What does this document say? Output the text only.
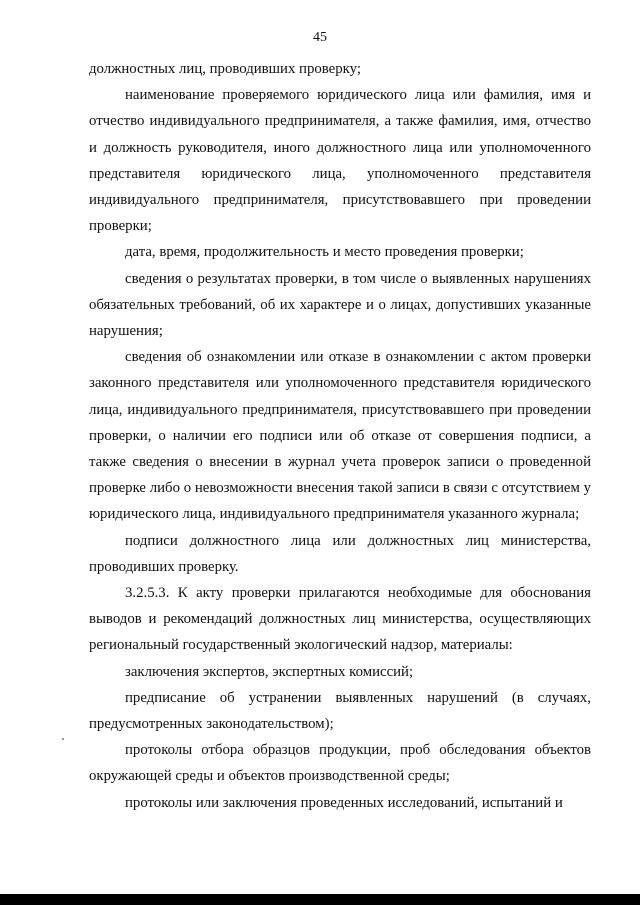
45

должностных лиц, проводивших проверку;

наименование проверяемого юридического лица или фамилия, имя и отчество индивидуального предпринимателя, а также фамилия, имя, отчество и должность руководителя, иного должностного лица или уполномоченного представителя юридического лица, уполномоченного представителя индивидуального предпринимателя, присутствовавшего при проведении проверки;

дата, время, продолжительность и место проведения проверки;

сведения о результатах проверки, в том числе о выявленных нарушениях обязательных требований, об их характере и о лицах, допустивших указанные нарушения;

сведения об ознакомлении или отказе в ознакомлении с актом проверки законного представителя или уполномоченного представителя юридического лица, индивидуального предпринимателя, присутствовавшего при проведении проверки, о наличии его подписи или об отказе от совершения подписи, а также сведения о внесении в журнал учета проверок записи о проведенной проверке либо о невозможности внесения такой записи в связи с отсутствием у юридического лица, индивидуального предпринимателя указанного журнала;

подписи должностного лица или должностных лиц министерства, проводивших проверку.

3.2.5.3. К акту проверки прилагаются необходимые для обоснования выводов и рекомендаций должностных лиц министерства, осуществляющих региональный государственный экологический надзор, материалы:

заключения экспертов, экспертных комиссий;

предписание об устранении выявленных нарушений (в случаях, предусмотренных законодательством);

протоколы отбора образцов продукции, проб обследования объектов окружающей среды и объектов производственной среды;

протоколы или заключения проведенных исследований, испытаний и
